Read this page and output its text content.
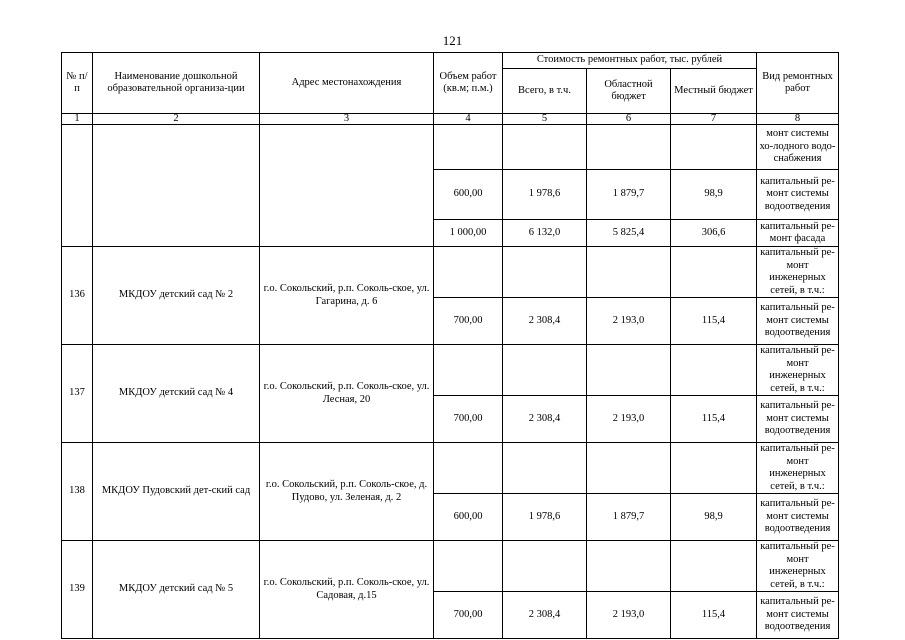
121
№ п/п	Наименование дошкольной образовательной организа-ции	Адрес местонахождения	Объем работ (кв.м; п.м.)	Стоимость ремонтных работ, тыс. рублей			Вид ремонтных работ
				Всего, в т.ч.	Областной бюджет	Местный бюджет	
1	2	3	4	5	6	7	8
							монт системы хо-лодного водо-снабжения
			600,00	1 978,6	1 879,7	98,9	капитальный ре-монт системы водоотведения
			1 000,00	6 132,0	5 825,4	306,6	капитальный ре-монт фасада
136	МКДОУ детский сад № 2	г.о. Сокольский, р.п. Соколь-ское, ул. Гагарина, д. 6					капитальный ре-монт инженерных сетей, в т.ч.:
			700,00	2 308,4	2 193,0	115,4	капитальный ре-монт системы водоотведения
137	МКДОУ детский сад № 4	г.о. Сокольский, р.п. Соколь-ское, ул. Лесная, 20					капитальный ре-монт инженерных сетей, в т.ч.:
			700,00	2 308,4	2 193,0	115,4	капитальный ре-монт системы водоотведения
138	МКДОУ Пудовский дет-ский сад	г.о. Сокольский, р.п. Соколь-ское, д. Пудово, ул. Зеленая, д. 2					капитальный ре-монт инженерных сетей, в т.ч.:
			600,00	1 978,6	1 879,7	98,9	капитальный ре-монт системы водоотведения
139	МКДОУ детский сад № 5	г.о. Сокольский, р.п. Соколь-ское, ул. Садовая, д.15					капитальный ре-монт инженерных сетей, в т.ч.:
			700,00	2 308,4	2 193,0	115,4	капитальный ре-монт системы водоотведения
